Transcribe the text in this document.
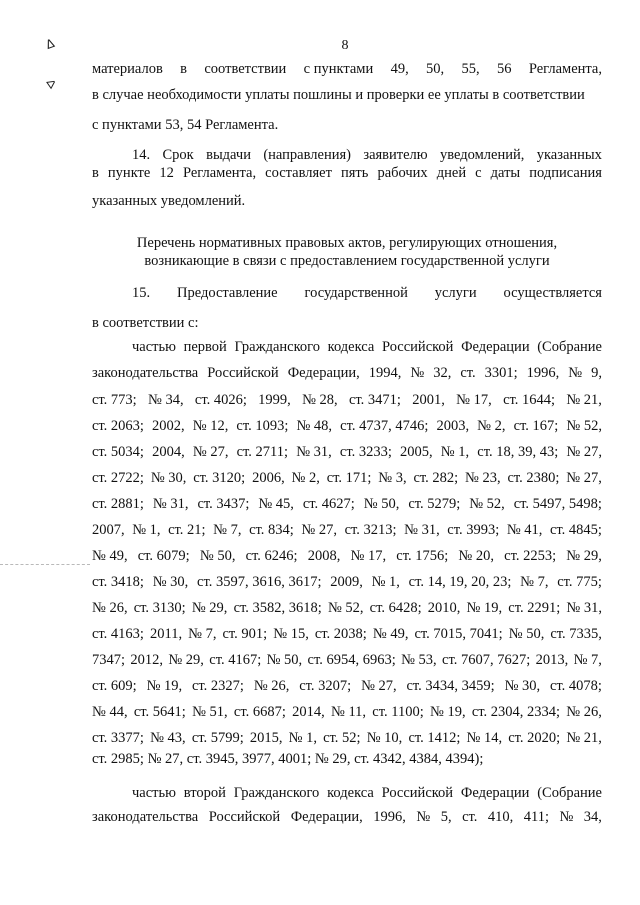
8
ᐃ
ᐅ
материалов в соответствии с пунктами 49, 50, 55, 56 Регламента,
в случае необходимости уплаты пошлины и проверки ее уплаты в соответствии
с пунктами 53, 54 Регламента.
14. Срок выдачи (направления) заявителю уведомлений, указанных
в пункте 12 Регламента, составляет пять рабочих дней с даты подписания
указанных уведомлений.
Перечень нормативных правовых актов, регулирующих отношения,
возникающие в связи с предоставлением государственной услуги
15. Предоставление государственной услуги осуществляется
в соответствии с:
частью первой Гражданского кодекса Российской Федерации (Собрание
законодательства Российской Федерации, 1994, № 32, ст. 3301; 1996, № 9,
ст. 773; № 34, ст. 4026; 1999, № 28, ст. 3471; 2001, № 17, ст. 1644; № 21,
ст. 2063; 2002, № 12, ст. 1093; № 48, ст. 4737, 4746; 2003, № 2, ст. 167; № 52,
ст. 5034; 2004, № 27, ст. 2711; № 31, ст. 3233; 2005, № 1, ст. 18, 39, 43; № 27,
ст. 2722; № 30, ст. 3120; 2006, № 2, ст. 171; № 3, ст. 282; № 23, ст. 2380; № 27,
ст. 2881; № 31, ст. 3437; № 45, ст. 4627; № 50, ст. 5279; № 52, ст. 5497, 5498;
2007, № 1, ст. 21; № 7, ст. 834; № 27, ст. 3213; № 31, ст. 3993; № 41, ст. 4845;
№ 49, ст. 6079; № 50, ст. 6246; 2008, № 17, ст. 1756; № 20, ст. 2253; № 29,
ст. 3418; № 30, ст. 3597, 3616, 3617; 2009, № 1, ст. 14, 19, 20, 23; № 7, ст. 775;
№ 26, ст. 3130; № 29, ст. 3582, 3618; № 52, ст. 6428; 2010, № 19, ст. 2291; № 31,
ст. 4163; 2011, № 7, ст. 901; № 15, ст. 2038; № 49, ст. 7015, 7041; № 50, ст. 7335,
7347; 2012, № 29, ст. 4167; № 50, ст. 6954, 6963; № 53, ст. 7607, 7627; 2013, № 7,
ст. 609; № 19, ст. 2327; № 26, ст. 3207; № 27, ст. 3434, 3459; № 30, ст. 4078;
№ 44, ст. 5641; № 51, ст. 6687; 2014, № 11, ст. 1100; № 19, ст. 2304, 2334; № 26,
ст. 3377; № 43, ст. 5799; 2015, № 1, ст. 52; № 10, ст. 1412; № 14, ст. 2020; № 21,
ст. 2985; № 27, ст. 3945, 3977, 4001; № 29, ст. 4342, 4384, 4394);
частью второй Гражданского кодекса Российской Федерации (Собрание
законодательства Российской Федерации, 1996, № 5, ст. 410, 411; № 34,
